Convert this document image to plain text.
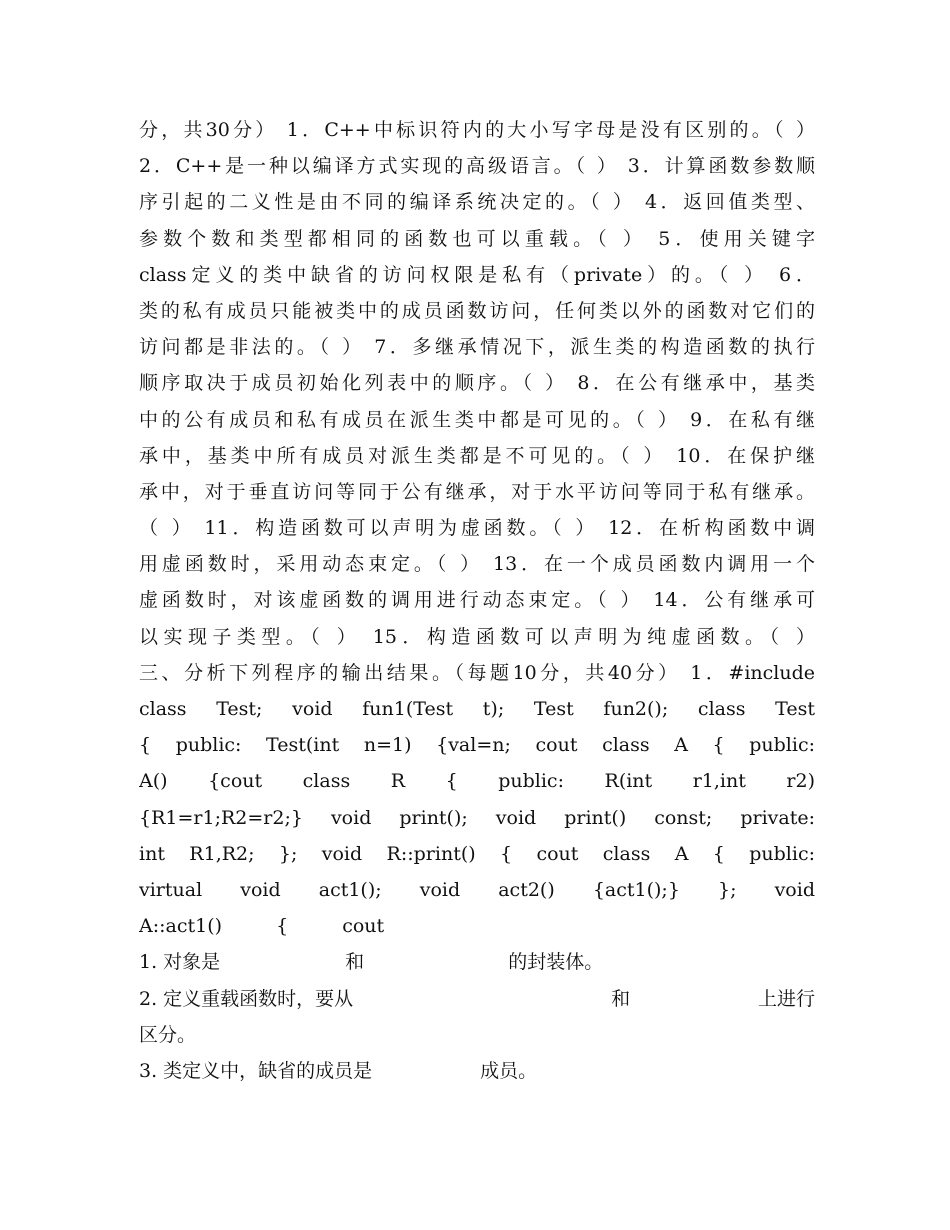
分，共30分） 1．C++中标识符内的大小写字母是没有区别的。（ ）
2．C++是一种以编译方式实现的高级语言。（ ） 3．计算函数参数顺
序引起的二义性是由不同的编译系统决定的。（ ） 4．返回值类型、
参数个数和类型都相同的函数也可以重载。（ ） 5．使用关键字
class定义的类中缺省的访问权限是私有（private）的。（ ） 6．
类的私有成员只能被类中的成员函数访问，任何类以外的函数对它们的
访问都是非法的。（ ） 7．多继承情况下，派生类的构造函数的执行
顺序取决于成员初始化列表中的顺序。（ ） 8．在公有继承中，基类
中的公有成员和私有成员在派生类中都是可见的。（ ） 9．在私有继
承中，基类中所有成员对派生类都是不可见的。（ ） 10．在保护继
承中，对于垂直访问等同于公有继承，对于水平访问等同于私有继承。
（ ） 11．构造函数可以声明为虚函数。（ ） 12．在析构函数中调
用虚函数时，采用动态束定。（ ） 13．在一个成员函数内调用一个
虚函数时，对该虚函数的调用进行动态束定。（ ） 14．公有继承可
以实现子类型。（ ） 15．构造函数可以声明为纯虚函数。（ ）
三、分析下列程序的输出结果。（每题10分，共40分） 1．#include
class Test; void fun1(Test t); Test fun2(); class Test
{ public: Test(int n=1) {val=n; cout class A { public:
A() {cout class R { public: R(int r1,int r2)
{R1=r1;R2=r2;} void print(); void print() const; private:
int R1,R2; }; void R::print() { cout class A { public:
virtual void act1(); void act2() {act1();} }; void
A::act1() { cout
1. 对象是	和	的封装体。
2. 定义重载函数时，要从	和	上进行
区分。
3. 类定义中，缺省的成员是	成员。
